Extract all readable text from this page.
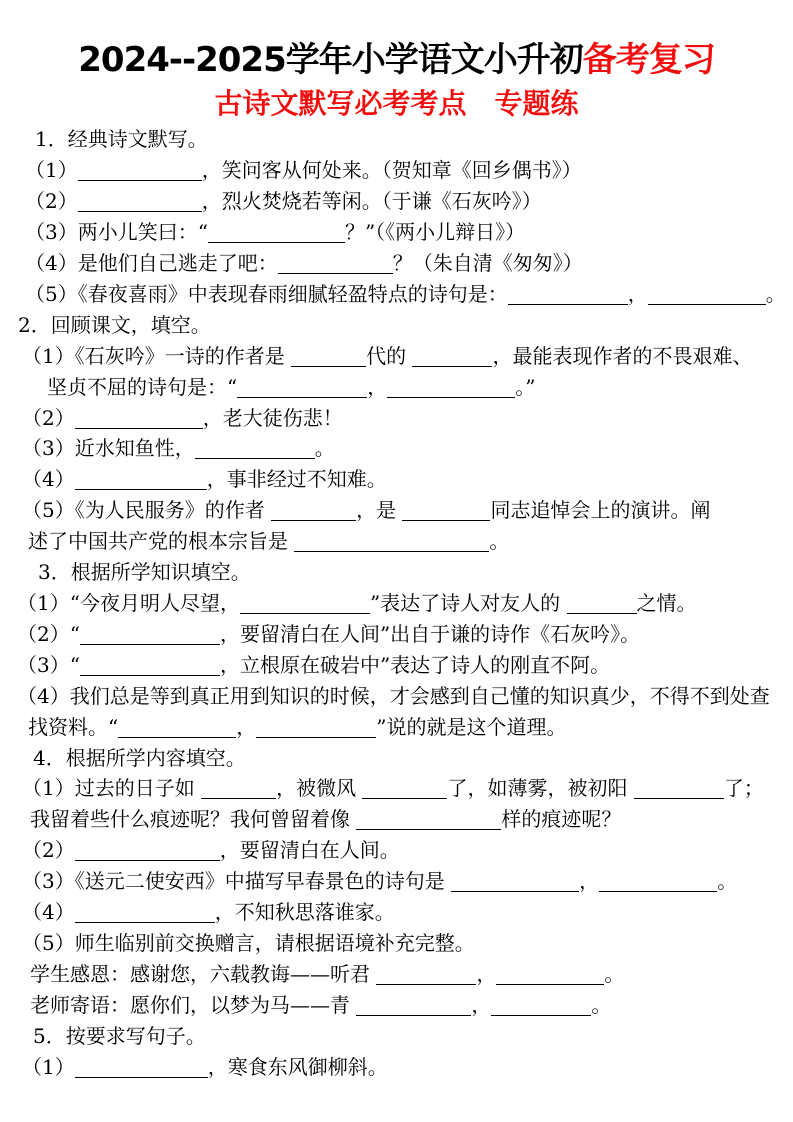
2024--2025学年小学语文小升初备考复习
古诗文默写必考考点　专题练
1．经典诗文默写。
（1）	，笑问客从何处来。（贺知章《回乡偶书》）
（2）	，烈火焚烧若等闲。（于谦《石灰吟》）
（3）两小儿笑曰：“	？”（《两小儿辩日》）
（4）是他们自己逃走了吧：	？（朱自清《匆匆》）
（5）《春夜喜雨》中表现春雨细腻轻盈特点的诗句是：	，	。
2．回顾课文，填空。
（1）《石灰吟》一诗的作者是	代的	，最能表现作者的不畏艰难、
坚贞不屈的诗句是：“	，	。”
（2）	，老大徒伤悲！
（3）近水知鱼性，	。
（4）	，事非经过不知难。
（5）《为人民服务》的作者	，是	同志追悼会上的演讲。阐
述了中国共产党的根本宗旨是	。
3．根据所学知识填空。
（1）“今夜月明人尽望，	”表达了诗人对友人的	之情。
（2）“	，要留清白在人间”出自于谦的诗作《石灰吟》。
（3）“	，立根原在破岩中”表达了诗人的刚直不阿。
（4）我们总是等到真正用到知识的时候，才会感到自己懂的知识真少，不得不到处查
找资料。“	，	”说的就是这个道理。
4．根据所学内容填空。
（1）过去的日子如	，被微风	了，如薄雾，被初阳	了；
我留着些什么痕迹呢？我何曾留着像	样的痕迹呢？
（2）	，要留清白在人间。
（3）《送元二使安西》中描写早春景色的诗句是	，	。
（4）	，不知秋思落谁家。
（5）师生临别前交换赠言，请根据语境补充完整。
学生感恩：感谢您，六载教诲——听君	，	。
老师寄语：愿你们，以梦为马——青	，	。
5．按要求写句子。
（1）	，寒食东风御柳斜。
